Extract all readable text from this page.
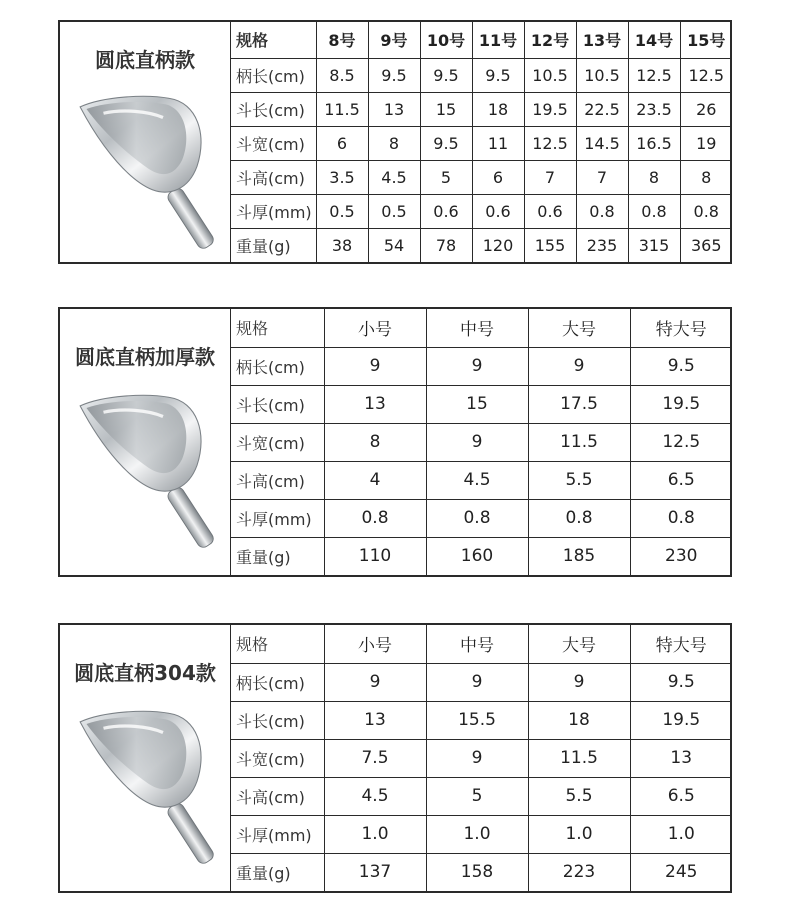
圆底直柄款
规格	8号	9号	10号	11号	12号	13号	14号	15号
柄长(cm)	8.5	9.5	9.5	9.5	10.5	10.5	12.5	12.5
斗长(cm)	11.5	13	15	18	19.5	22.5	23.5	26
斗宽(cm)	6	8	9.5	11	12.5	14.5	16.5	19
斗高(cm)	3.5	4.5	5	6	7	7	8	8
斗厚(mm)	0.5	0.5	0.6	0.6	0.6	0.8	0.8	0.8
重量(g)	38	54	78	120	155	235	315	365
圆底直柄加厚款
规格	小号	中号	大号	特大号
柄长(cm)	9	9	9	9.5
斗长(cm)	13	15	17.5	19.5
斗宽(cm)	8	9	11.5	12.5
斗高(cm)	4	4.5	5.5	6.5
斗厚(mm)	0.8	0.8	0.8	0.8
重量(g)	110	160	185	230
圆底直柄304款
规格	小号	中号	大号	特大号
柄长(cm)	9	9	9	9.5
斗长(cm)	13	15.5	18	19.5
斗宽(cm)	7.5	9	11.5	13
斗高(cm)	4.5	5	5.5	6.5
斗厚(mm)	1.0	1.0	1.0	1.0
重量(g)	137	158	223	245
